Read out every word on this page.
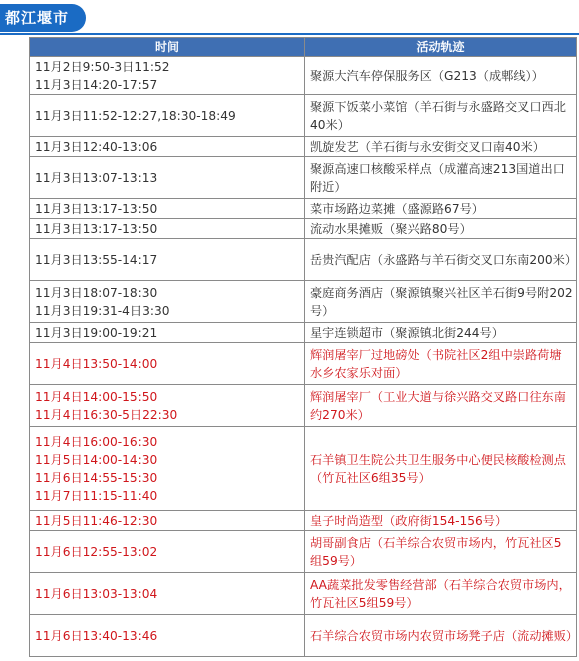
都江堰市
时间	活动轨迹

11月2日9:50-3日11:52
11月3日14:20-17:57	聚源大汽车停保服务区（G213（成郫线））

11月3日11:52-12:27,18:30-18:49	聚源下饭菜小菜馆（羊石街与永盛路交叉口西北40米）

11月3日12:40-13:06	凯旋发艺（羊石街与永安街交叉口南40米）

11月3日13:07-13:13	聚源高速口核酸采样点（成灌高速213国道出口附近）

11月3日13:17-13:50	菜市场路边菜摊（盛源路67号）

11月3日13:17-13:50	流动水果摊贩（聚兴路80号）

11月3日13:55-14:17	岳贵汽配店（永盛路与羊石街交叉口东南200米）

11月3日18:07-18:30
11月3日19:31-4日3:30	豪庭商务酒店（聚源镇聚兴社区羊石街9号附202号）

11月3日19:00-19:21	星宇连锁超市（聚源镇北街244号）

11月4日13:50-14:00	辉润屠宰厂过地磅处（书院社区2组中崇路荷塘水乡农家乐对面）

11月4日14:00-15:50
11月4日16:30-5日22:30	辉润屠宰厂（工业大道与徐兴路交叉路口往东南约270米）

11月4日16:00-16:30
11月5日14:00-14:30
11月6日14:55-15:30
11月7日11:15-11:40	石羊镇卫生院公共卫生服务中心便民核酸检测点（竹瓦社区6组35号）

11月5日11:46-12:30	皇子时尚造型（政府街154-156号）

11月6日12:55-13:02	胡哥副食店（石羊综合农贸市场内，竹瓦社区5组59号）

11月6日13:03-13:04	AA蔬菜批发零售经营部（石羊综合农贸市场内，竹瓦社区5组59号）

11月6日13:40-13:46	石羊综合农贸市场内农贸市场凳子店（流动摊贩）
